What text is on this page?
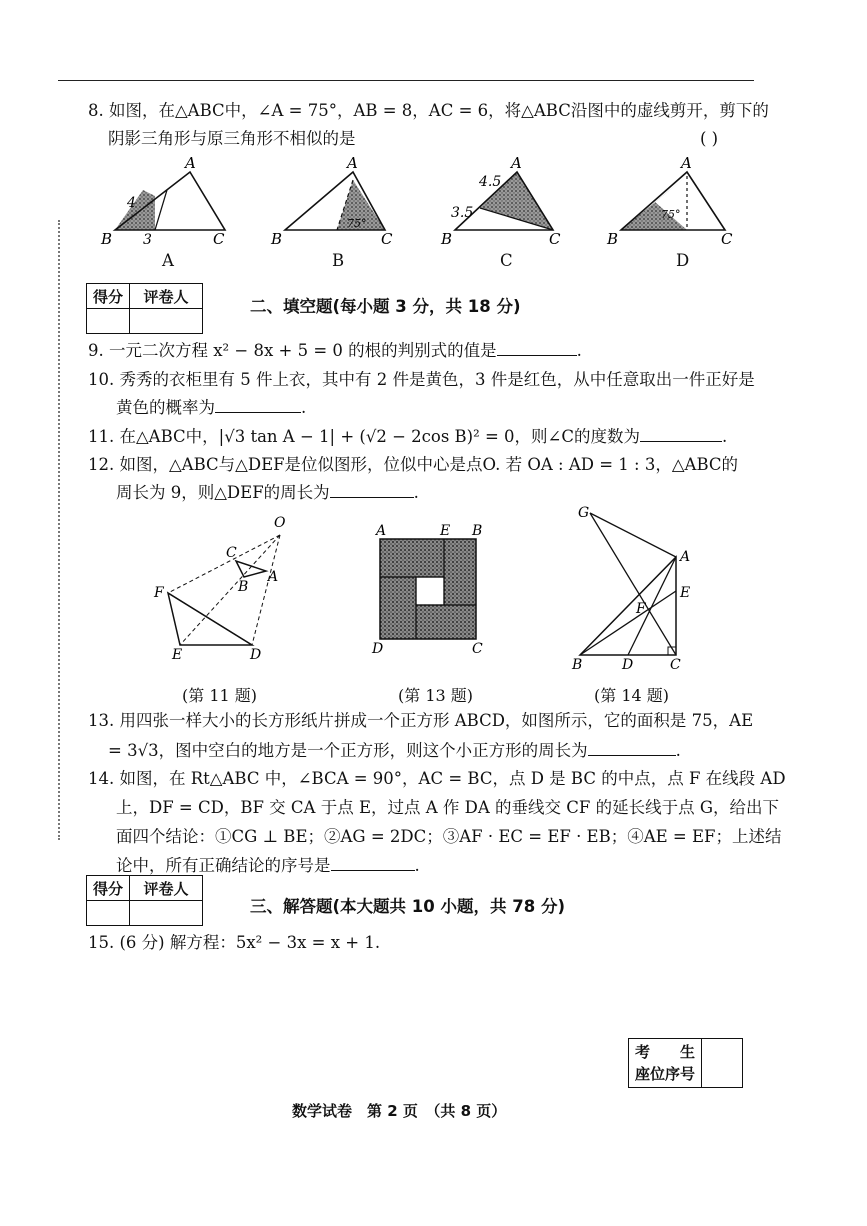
8. 如图，在△ABC中，∠A = 75°，AB = 8，AC = 6，将△ABC沿图中的虚线剪开，剪下的
阴影三角形与原三角形不相似的是	( )
A
B	C
4
3
A
B	C
75°
A
B	C
4.5
3.5
A
B	C
75°
A	B	C	D
得分	评卷人

二、填空题(每小题 3 分，共 18 分)
9. 一元二次方程 x² − 8x + 5 = 0 的根的判别式的值是	.
10. 秀秀的衣柜里有 5 件上衣，其中有 2 件是黄色，3 件是红色，从中任意取出一件正好是
黄色的概率为	.
11. 在△ABC中，|√3 tan A − 1| + (√2 − 2cos B)² = 0，则∠C的度数为	.
12. 如图，△ABC与△DEF是位似图形，位似中心是点O. 若 OA : AD = 1 : 3，△ABC的
周长为 9，则△DEF的周长为	.
O
C
B
A
F
E	D
A	E B
D	C
G
A
E
F
B	D	C
(第 11 题)	(第 13 题)	(第 14 题)
13. 用四张一样大小的长方形纸片拼成一个正方形 ABCD，如图所示，它的面积是 75，AE
= 3√3，图中空白的地方是一个正方形，则这个小正方形的周长为	.
14. 如图，在 Rt△ABC 中，∠BCA = 90°，AC = BC，点 D 是 BC 的中点，点 F 在线段 AD
上，DF = CD，BF 交 CA 于点 E，过点 A 作 DA 的垂线交 CF 的延长线于点 G，给出下
面四个结论：①CG ⊥ BE；②AG = 2DC；③AF · EC = EF · EB；④AE = EF；上述结
论中，所有正确结论的序号是	.
得分	评卷人

三、解答题(本大题共 10 小题，共 78 分)
15. (6 分) 解方程：5x² − 3x = x + 1.
考　　生
座位序号	
数学试卷　第 2 页　（共 8 页）
